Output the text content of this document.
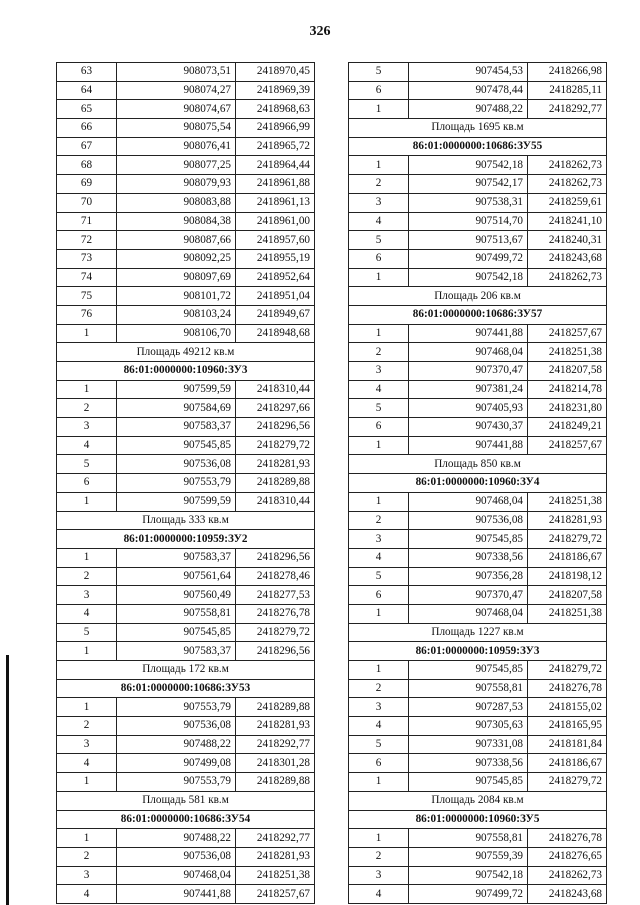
326
63	908073,51	2418970,45
64	908074,27	2418969,39
65	908074,67	2418968,63
66	908075,54	2418966,99
67	908076,41	2418965,72
68	908077,25	2418964,44
69	908079,93	2418961,88
70	908083,88	2418961,13
71	908084,38	2418961,00
72	908087,66	2418957,60
73	908092,25	2418955,19
74	908097,69	2418952,64
75	908101,72	2418951,04
76	908103,24	2418949,67
1	908106,70	2418948,68
Площадь 49212 кв.м		
86:01:0000000:10960:ЗУ3		
1	907599,59	2418310,44
2	907584,69	2418297,66
3	907583,37	2418296,56
4	907545,85	2418279,72
5	907536,08	2418281,93
6	907553,79	2418289,88
1	907599,59	2418310,44
Площадь 333 кв.м		
86:01:0000000:10959:ЗУ2		
1	907583,37	2418296,56
2	907561,64	2418278,46
3	907560,49	2418277,53
4	907558,81	2418276,78
5	907545,85	2418279,72
1	907583,37	2418296,56
Площадь 172 кв.м		
86:01:0000000:10686:ЗУ53		
1	907553,79	2418289,88
2	907536,08	2418281,93
3	907488,22	2418292,77
4	907499,08	2418301,28
1	907553,79	2418289,88
Площадь 581 кв.м		
86:01:0000000:10686:ЗУ54		
1	907488,22	2418292,77
2	907536,08	2418281,93
3	907468,04	2418251,38
4	907441,88	2418257,67
5	907454,53	2418266,98
6	907478,44	2418285,11
1	907488,22	2418292,77
Площадь 1695 кв.м		
86:01:0000000:10686:ЗУ55		
1	907542,18	2418262,73
2	907542,17	2418262,73
3	907538,31	2418259,61
4	907514,70	2418241,10
5	907513,67	2418240,31
6	907499,72	2418243,68
1	907542,18	2418262,73
Площадь 206 кв.м		
86:01:0000000:10686:ЗУ57		
1	907441,88	2418257,67
2	907468,04	2418251,38
3	907370,47	2418207,58
4	907381,24	2418214,78
5	907405,93	2418231,80
6	907430,37	2418249,21
1	907441,88	2418257,67
Площадь 850 кв.м		
86:01:0000000:10960:ЗУ4		
1	907468,04	2418251,38
2	907536,08	2418281,93
3	907545,85	2418279,72
4	907338,56	2418186,67
5	907356,28	2418198,12
6	907370,47	2418207,58
1	907468,04	2418251,38
Площадь 1227 кв.м		
86:01:0000000:10959:ЗУ3		
1	907545,85	2418279,72
2	907558,81	2418276,78
3	907287,53	2418155,02
4	907305,63	2418165,95
5	907331,08	2418181,84
6	907338,56	2418186,67
1	907545,85	2418279,72
Площадь 2084 кв.м		
86:01:0000000:10960:ЗУ5		
1	907558,81	2418276,78
2	907559,39	2418276,65
3	907542,18	2418262,73
4	907499,72	2418243,68
